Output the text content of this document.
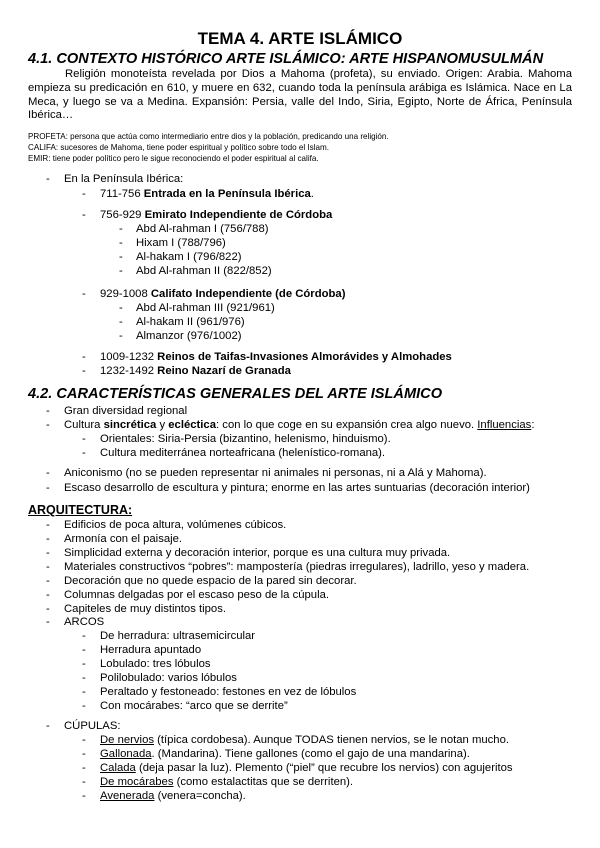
TEMA 4. ARTE ISLÁMICO
4.1. CONTEXTO HISTÓRICO ARTE ISLÁMICO: ARTE HISPANOMUSULMÁN

Religión monoteísta revelada por Dios a Mahoma (profeta), su enviado. Origen: Arabia. Mahoma empieza su predicación en 610, y muere en 632, cuando toda la península arábiga es Islámica. Nace en La Meca, y luego se va a Medina. Expansión: Persia, valle del Indo, Siria, Egipto, Norte de África, Península Ibérica…

PROFETA: persona que actúa como intermediario entre dios y la población, predicando una religión.
CALIFA: sucesores de Mahoma, tiene poder espiritual y político sobre todo el Islam.
EMIR: tiene poder político pero le sigue reconociendo el poder espiritual al califa.
- En la Península Ibérica:
- 711-756 Entrada en la Península Ibérica.
- 756-929 Emirato Independiente de Córdoba
- Abd Al-rahman I (756/788)
- Hixam I (788/796)
- Al-hakam I (796/822)
- Abd Al-rahman II (822/852)
- 929-1008 Califato Independiente (de Córdoba)
- Abd Al-rahman III (921/961)
- Al-hakam II (961/976)
- Almanzor (976/1002)
- 1009-1232 Reinos de Taifas-Invasiones Almorávides y Almohades
- 1232-1492 Reino Nazarí de Granada
4.2. CARACTERÍSTICAS GENERALES DEL ARTE ISLÁMICO
- Gran diversidad regional
- Cultura sincrética y ecléctica: con lo que coge en su expansión crea algo nuevo. Influencias:
- Orientales: Siria-Persia (bizantino, helenismo, hinduismo).
- Cultura mediterránea norteafricana (helenístico-romana).
- Aniconismo (no se pueden representar ni animales ni personas, ni a Alá y Mahoma).
- Escaso desarrollo de escultura y pintura; enorme en las artes suntuarias (decoración interior)
ARQUITECTURA:
- Edificios de poca altura, volúmenes cúbicos.
- Armonía con el paisaje.
- Simplicidad externa y decoración interior, porque es una cultura muy privada.
- Materiales constructivos “pobres”: mampostería (piedras irregulares), ladrillo, yeso y madera.
- Decoración que no quede espacio de la pared sin decorar.
- Columnas delgadas por el escaso peso de la cúpula.
- Capiteles de muy distintos tipos.
- ARCOS
- De herradura: ultrasemicircular
- Herradura apuntado
- Lobulado: tres lóbulos
- Polilobulado: varios lóbulos
- Peraltado y festoneado: festones en vez de lóbulos
- Con mocárabes: “arco que se derrite”
- CÚPULAS:
- De nervios (típica cordobesa). Aunque TODAS tienen nervios, se le notan mucho.
- Gallonada. (Mandarina). Tiene gallones (como el gajo de una mandarina).
- Calada (deja pasar la luz). Plemento (“piel” que recubre los nervios) con agujeritos
- De mocárabes (como estalactitas que se derriten).
- Avenerada (venera=concha).
